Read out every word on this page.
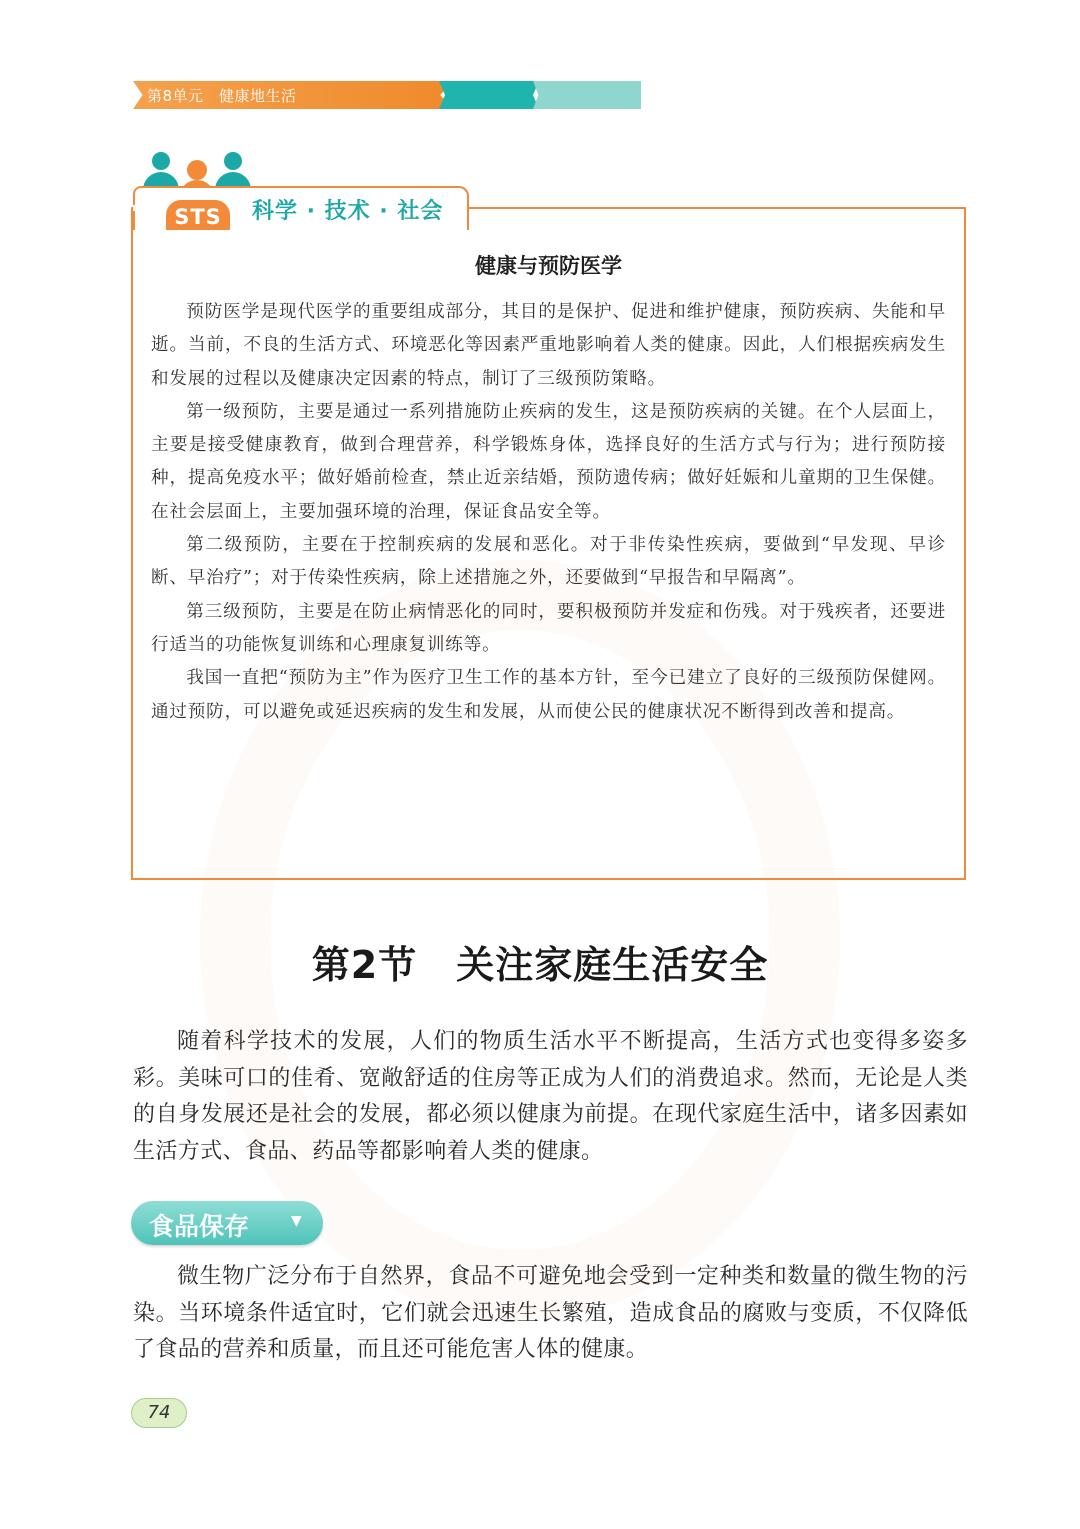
第8单元　健康地生活
STS	科学 · 技术 · 社会
健康与预防医学

预防医学是现代医学的重要组成部分，其目的是保护、促进和维护健康，预防疾病、失能和早逝。当前，不良的生活方式、环境恶化等因素严重地影响着人类的健康。因此，人们根据疾病发生和发展的过程以及健康决定因素的特点，制订了三级预防策略。

第一级预防，主要是通过一系列措施防止疾病的发生，这是预防疾病的关键。在个人层面上，主要是接受健康教育，做到合理营养，科学锻炼身体，选择良好的生活方式与行为；进行预防接种，提高免疫水平；做好婚前检查，禁止近亲结婚，预防遗传病；做好妊娠和儿童期的卫生保健。在社会层面上，主要加强环境的治理，保证食品安全等。

第二级预防，主要在于控制疾病的发展和恶化。对于非传染性疾病，要做到“早发现、早诊断、早治疗”；对于传染性疾病，除上述措施之外，还要做到“早报告和早隔离”。

第三级预防，主要是在防止病情恶化的同时，要积极预防并发症和伤残。对于残疾者，还要进行适当的功能恢复训练和心理康复训练等。

我国一直把“预防为主”作为医疗卫生工作的基本方针，至今已建立了良好的三级预防保健网。通过预防，可以避免或延迟疾病的发生和发展，从而使公民的健康状况不断得到改善和提高。

第2节　关注家庭生活安全

随着科学技术的发展，人们的物质生活水平不断提高，生活方式也变得多姿多彩。美味可口的佳肴、宽敞舒适的住房等正成为人们的消费追求。然而，无论是人类的自身发展还是社会的发展，都必须以健康为前提。在现代家庭生活中，诸多因素如生活方式、食品、药品等都影响着人类的健康。

食品保存	▼

微生物广泛分布于自然界，食品不可避免地会受到一定种类和数量的微生物的污染。当环境条件适宜时，它们就会迅速生长繁殖，造成食品的腐败与变质，不仅降低了食品的营养和质量，而且还可能危害人体的健康。

74
